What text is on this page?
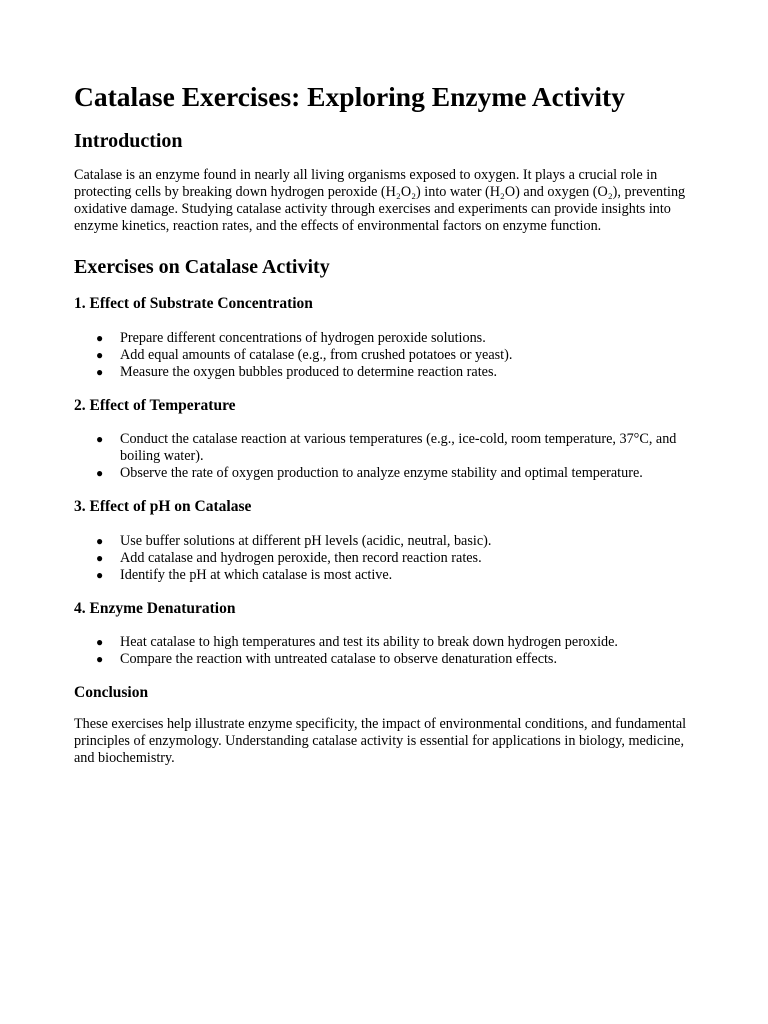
Catalase Exercises: Exploring Enzyme Activity
Introduction

Catalase is an enzyme found in nearly all living organisms exposed to oxygen. It plays a crucial role in protecting cells by breaking down hydrogen peroxide (H₂O₂) into water (H₂O) and oxygen (O₂), preventing oxidative damage. Studying catalase activity through exercises and experiments can provide insights into enzyme kinetics, reaction rates, and the effects of environmental factors on enzyme function.

Exercises on Catalase Activity
1. Effect of Substrate Concentration
● Prepare different concentrations of hydrogen peroxide solutions.
● Add equal amounts of catalase (e.g., from crushed potatoes or yeast).
● Measure the oxygen bubbles produced to determine reaction rates.
2. Effect of Temperature
● Conduct the catalase reaction at various temperatures (e.g., ice-cold, room temperature, 37°C, and boiling water).
● Observe the rate of oxygen production to analyze enzyme stability and optimal temperature.
3. Effect of pH on Catalase
● Use buffer solutions at different pH levels (acidic, neutral, basic).
● Add catalase and hydrogen peroxide, then record reaction rates.
● Identify the pH at which catalase is most active.
4. Enzyme Denaturation
● Heat catalase to high temperatures and test its ability to break down hydrogen peroxide.
● Compare the reaction with untreated catalase to observe denaturation effects.
Conclusion

These exercises help illustrate enzyme specificity, the impact of environmental conditions, and fundamental principles of enzymology. Understanding catalase activity is essential for applications in biology, medicine, and biochemistry.
